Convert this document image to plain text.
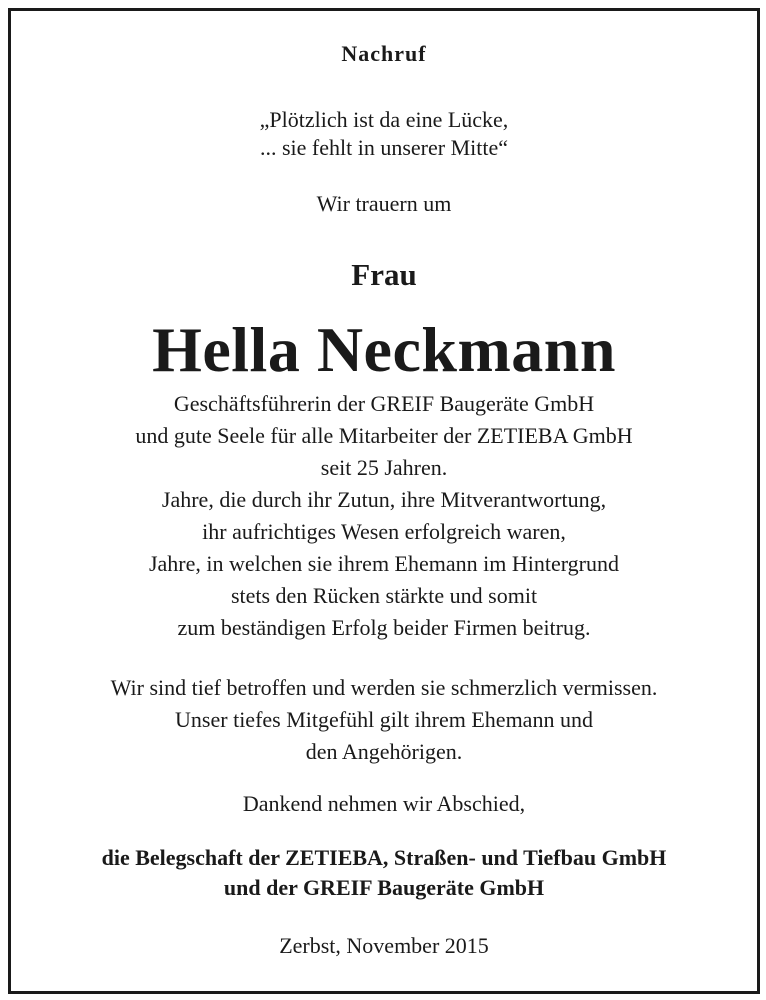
Nachruf
„Plötzlich ist da eine Lücke,
... sie fehlt in unserer Mitte“
Wir trauern um
Frau
Hella Neckmann
Geschäftsführerin der GREIF Baugeräte GmbH
und gute Seele für alle Mitarbeiter der ZETIEBA GmbH
seit 25 Jahren.
Jahre, die durch ihr Zutun, ihre Mitverantwortung,
ihr aufrichtiges Wesen erfolgreich waren,
Jahre, in welchen sie ihrem Ehemann im Hintergrund
stets den Rücken stärkte und somit
zum beständigen Erfolg beider Firmen beitrug.
Wir sind tief betroffen und werden sie schmerzlich vermissen.
Unser tiefes Mitgefühl gilt ihrem Ehemann und
den Angehörigen.
Dankend nehmen wir Abschied,
die Belegschaft der ZETIEBA, Straßen- und Tiefbau GmbH
und der GREIF Baugeräte GmbH
Zerbst, November 2015
